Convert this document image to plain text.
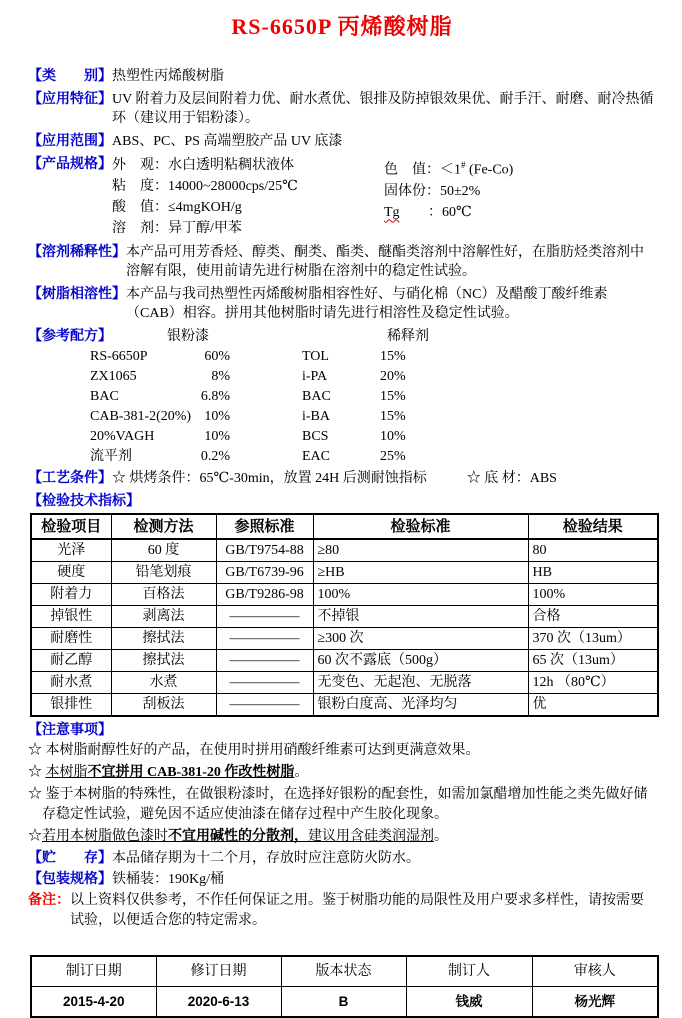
RS-6650P 丙烯酸树脂
【类　　别】 热塑性丙烯酸树脂
【应用特征】 UV 附着力及层间附着力优、耐水煮优、银排及防掉银效果优、耐手汗、耐磨、耐冷热循环（建议用于铝粉漆）。
【应用范围】 ABS、PC、PS 高端塑胶产品 UV 底漆
【产品规格】 外　观：水白透明粘稠状液体
粘　度：14000~28000cps/25℃
酸　值：≤4mgKOH/g
溶　剂：异丁醇/甲苯
色　值：＜1# (Fe-Co)
固体份：50±2%
Tg ：60℃
【溶剂稀释性】 本产品可用芳香烃、醇类、酮类、酯类、醚酯类溶剂中溶解性好，在脂肪烃类溶剂中溶解有限，使用前请先进行树脂在溶剂中的稳定性试验。
【树脂相溶性】 本产品与我司热塑性丙烯酸树脂相容性好、与硝化棉（NC）及醋酸丁酸纤维素（CAB）相容。拼用其他树脂时请先进行相溶性及稳定性试验。
【参考配方】	银粉漆	稀释剂
RS-6650P	60%	TOL	15%
ZX1065	8%	i-PA	20%
BAC	6.8%	BAC	15%
CAB-381-2(20%) 10%	i-BA	15%
20%VAGH	10%	BCS	10%
流平剂	0.2%	EAC	25%
【工艺条件】 ☆ 烘烤条件：65℃-30min，放置 24H 后测耐蚀指标	☆ 底 材：ABS
【检验技术指标】
检验项目	检测方法	参照标准	检验标准	检验结果
光泽	60 度	GB/T9754-88	≥80	80
硬度	铅笔划痕	GB/T6739-96	≥HB	HB
附着力	百格法	GB/T9286-98	100%	100%
掉银性	剥离法	—————	不掉银	合格
耐磨性	擦拭法	—————	≥300 次	370 次（13um）
耐乙醇	擦拭法	—————	60 次不露底（500g）	65 次（13um）
耐水煮	水煮	—————	无变色、无起泡、无脱落	12h （80℃）
银排性	刮板法	—————	银粉白度高、光泽均匀	优
【注意事项】
☆ 本树脂耐醇性好的产品，在使用时拼用硝酸纤维素可达到更满意效果。
☆ 本树脂不宜拼用 CAB-381-20 作改性树脂。
☆ 鉴于本树脂的特殊性，在做银粉漆时，在选择好银粉的配套性，如需加氯醋增加性能之类先做好储存稳定性试验，避免因不适应使油漆在储存过程中产生胶化现象。
☆若用本树脂做色漆时不宜用碱性的分散剂，建议用含硅类润湿剂。
【贮　　存】 本品储存期为十二个月，存放时应注意防火防水。
【包装规格】 铁桶装：190Kg/桶
备注： 以上资料仅供参考，不作任何保证之用。鉴于树脂功能的局限性及用户要求多样性，请按需要试验，以便适合您的特定需求。
制订日期	修订日期	版本状态	制订人	审核人
2015-4-20	2020-6-13	B	钱威	杨光辉
